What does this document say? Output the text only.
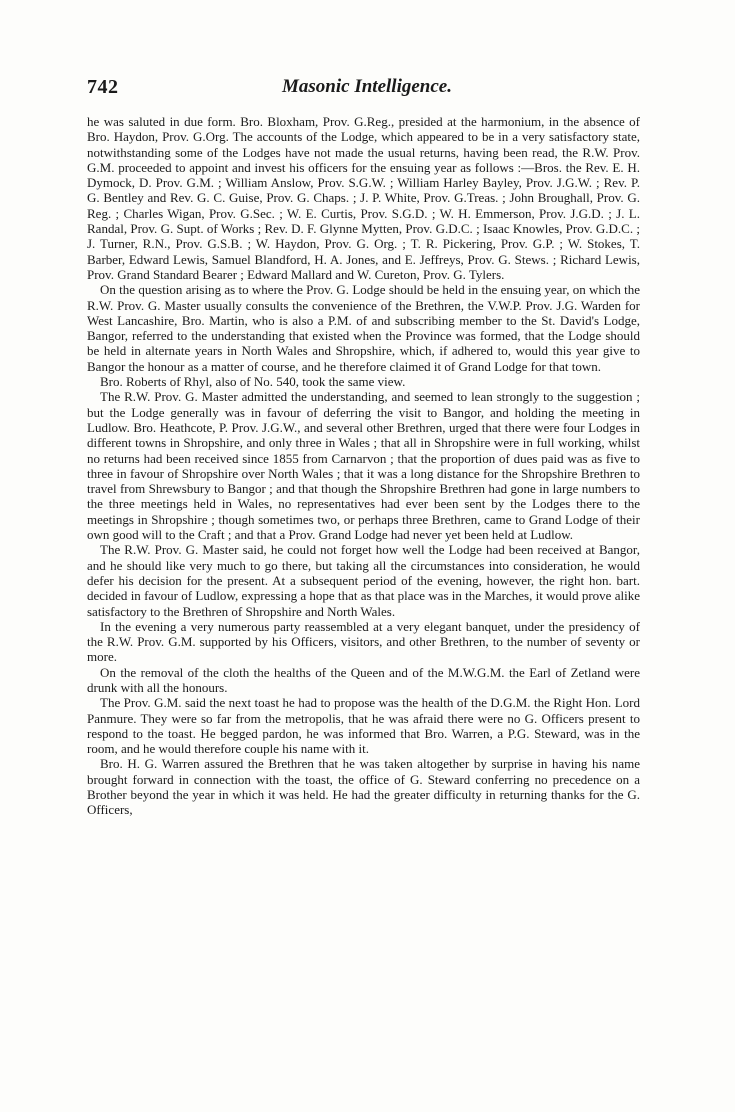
742	Masonic Intelligence.

he was saluted in due form. Bro. Bloxham, Prov. G.Reg., presided at the harmonium, in the absence of Bro. Haydon, Prov. G.Org. The accounts of the Lodge, which appeared to be in a very satisfactory state, notwithstanding some of the Lodges have not made the usual returns, having been read, the R.W. Prov. G.M. proceeded to appoint and invest his officers for the ensuing year as follows :—Bros. the Rev. E. H. Dymock, D. Prov. G.M. ; William Anslow, Prov. S.G.W. ; William Harley Bayley, Prov. J.G.W. ; Rev. P. G. Bentley and Rev. G. C. Guise, Prov. G. Chaps. ; J. P. White, Prov. G.Treas. ; John Broughall, Prov. G. Reg. ; Charles Wigan, Prov. G.Sec. ; W. E. Curtis, Prov. S.G.D. ; W. H. Emmerson, Prov. J.G.D. ; J. L. Randal, Prov. G. Supt. of Works ; Rev. D. F. Glynne Mytten, Prov. G.D.C. ; Isaac Knowles, Prov. G.D.C. ; J. Turner, R.N., Prov. G.S.B. ; W. Haydon, Prov. G. Org. ; T. R. Pickering, Prov. G.P. ; W. Stokes, T. Barber, Edward Lewis, Samuel Blandford, H. A. Jones, and E. Jeffreys, Prov. G. Stews. ; Richard Lewis, Prov. Grand Standard Bearer ; Edward Mallard and W. Cureton, Prov. G. Tylers.

On the question arising as to where the Prov. G. Lodge should be held in the ensuing year, on which the R.W. Prov. G. Master usually consults the convenience of the Brethren, the V.W.P. Prov. J.G. Warden for West Lancashire, Bro. Martin, who is also a P.M. of and subscribing member to the St. David's Lodge, Bangor, referred to the understanding that existed when the Province was formed, that the Lodge should be held in alternate years in North Wales and Shropshire, which, if adhered to, would this year give to Bangor the honour as a matter of course, and he therefore claimed it of Grand Lodge for that town.

Bro. Roberts of Rhyl, also of No. 540, took the same view.

The R.W. Prov. G. Master admitted the understanding, and seemed to lean strongly to the suggestion ; but the Lodge generally was in favour of deferring the visit to Bangor, and holding the meeting in Ludlow. Bro. Heathcote, P. Prov. J.G.W., and several other Brethren, urged that there were four Lodges in different towns in Shropshire, and only three in Wales ; that all in Shropshire were in full working, whilst no returns had been received since 1855 from Carnarvon ; that the proportion of dues paid was as five to three in favour of Shropshire over North Wales ; that it was a long distance for the Shropshire Brethren to travel from Shrewsbury to Bangor ; and that though the Shropshire Brethren had gone in large numbers to the three meetings held in Wales, no representatives had ever been sent by the Lodges there to the meetings in Shropshire ; though sometimes two, or perhaps three Brethren, came to Grand Lodge of their own good will to the Craft ; and that a Prov. Grand Lodge had never yet been held at Ludlow.

The R.W. Prov. G. Master said, he could not forget how well the Lodge had been received at Bangor, and he should like very much to go there, but taking all the circumstances into consideration, he would defer his decision for the present. At a subsequent period of the evening, however, the right hon. bart. decided in favour of Ludlow, expressing a hope that as that place was in the Marches, it would prove alike satisfactory to the Brethren of Shropshire and North Wales.

In the evening a very numerous party reassembled at a very elegant banquet, under the presidency of the R.W. Prov. G.M. supported by his Officers, visitors, and other Brethren, to the number of seventy or more.

On the removal of the cloth the healths of the Queen and of the M.W.G.M. the Earl of Zetland were drunk with all the honours.

The Prov. G.M. said the next toast he had to propose was the health of the D.G.M. the Right Hon. Lord Panmure. They were so far from the metropolis, that he was afraid there were no G. Officers present to respond to the toast. He begged pardon, he was informed that Bro. Warren, a P.G. Steward, was in the room, and he would therefore couple his name with it.

Bro. H. G. Warren assured the Brethren that he was taken altogether by surprise in having his name brought forward in connection with the toast, the office of G. Steward conferring no precedence on a Brother beyond the year in which it was held. He had the greater difficulty in returning thanks for the G. Officers,
